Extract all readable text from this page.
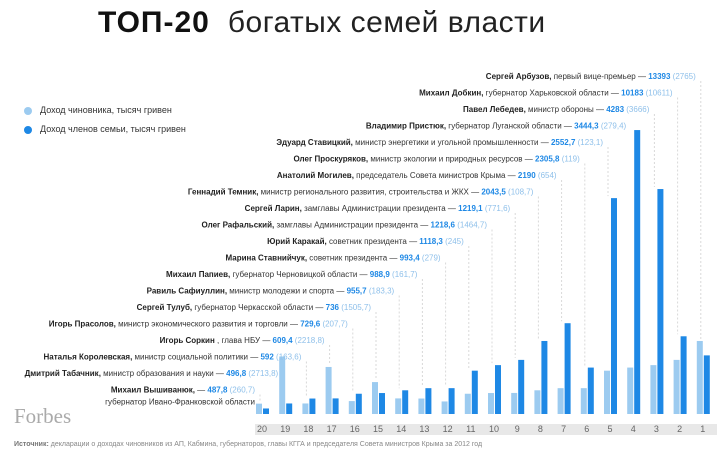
ТОП-20 богатых семей власти
Доход чиновника, тысяч гривен
Доход членов семьи, тысяч гривен
20 19 18 17 16 15 14 13 12 11 10 9 8 7 6 5 4 3 2 1
Сергей Арбузов, первый вице-премьер — 13393 (2765)
Михаил Добкин, губернатор Харьковской области — 10183 (10611)
Павел Лебедев, министр обороны — 4283 (3666)
Владимир Пристюк, губернатор Луганской области — 3444,3 (279,4)
Эдуард Ставицкий, министр энергетики и угольной промышленности — 2552,7 (123,1)
Олег Проскуряков, министр экологии и природных ресурсов — 2305,8 (119)
Анатолий Могилев, председатель Совета министров Крыма — 2190 (654)
Геннадий Темник, министр регионального развития, строительства и ЖКХ — 2043,5 (108,7)
Сергей Ларин, замглавы Администрации президента — 1219,1 (771,6)
Олег Рафальский, замглавы Администрации президента — 1218,6 (1464,7)
Юрий Каракай, советник президента — 1118,3 (245)
Марина Ставнийчук, советник президента — 993,4 (279)
Михаил Папиев, губернатор Черновицкой области — 988,9 (161,7)
Равиль Сафиуллин, министр молодежи и спорта — 955,7 (183,3)
Сергей Тулуб, губернатор Черкасской области — 736 (1505,7)
Игорь Прасолов, министр экономического развития и торговли — 729,6 (207,7)
Игорь Соркин , глава НБУ — 609,4 (2218,8)
Наталья Королевская, министр социальной политики — 592 (163,6)
Дмитрий Табачник, министр образования и науки — 496,8 (2713,8)
Михаил Вышиванюк, — 487,8 (260,7)
губернатор Ивано-Франковской области
Forbes
Источник: декларации о доходах чиновников из АП, Кабмина, губернаторов, главы КГГА и председателя Совета министров Крыма за 2012 год
